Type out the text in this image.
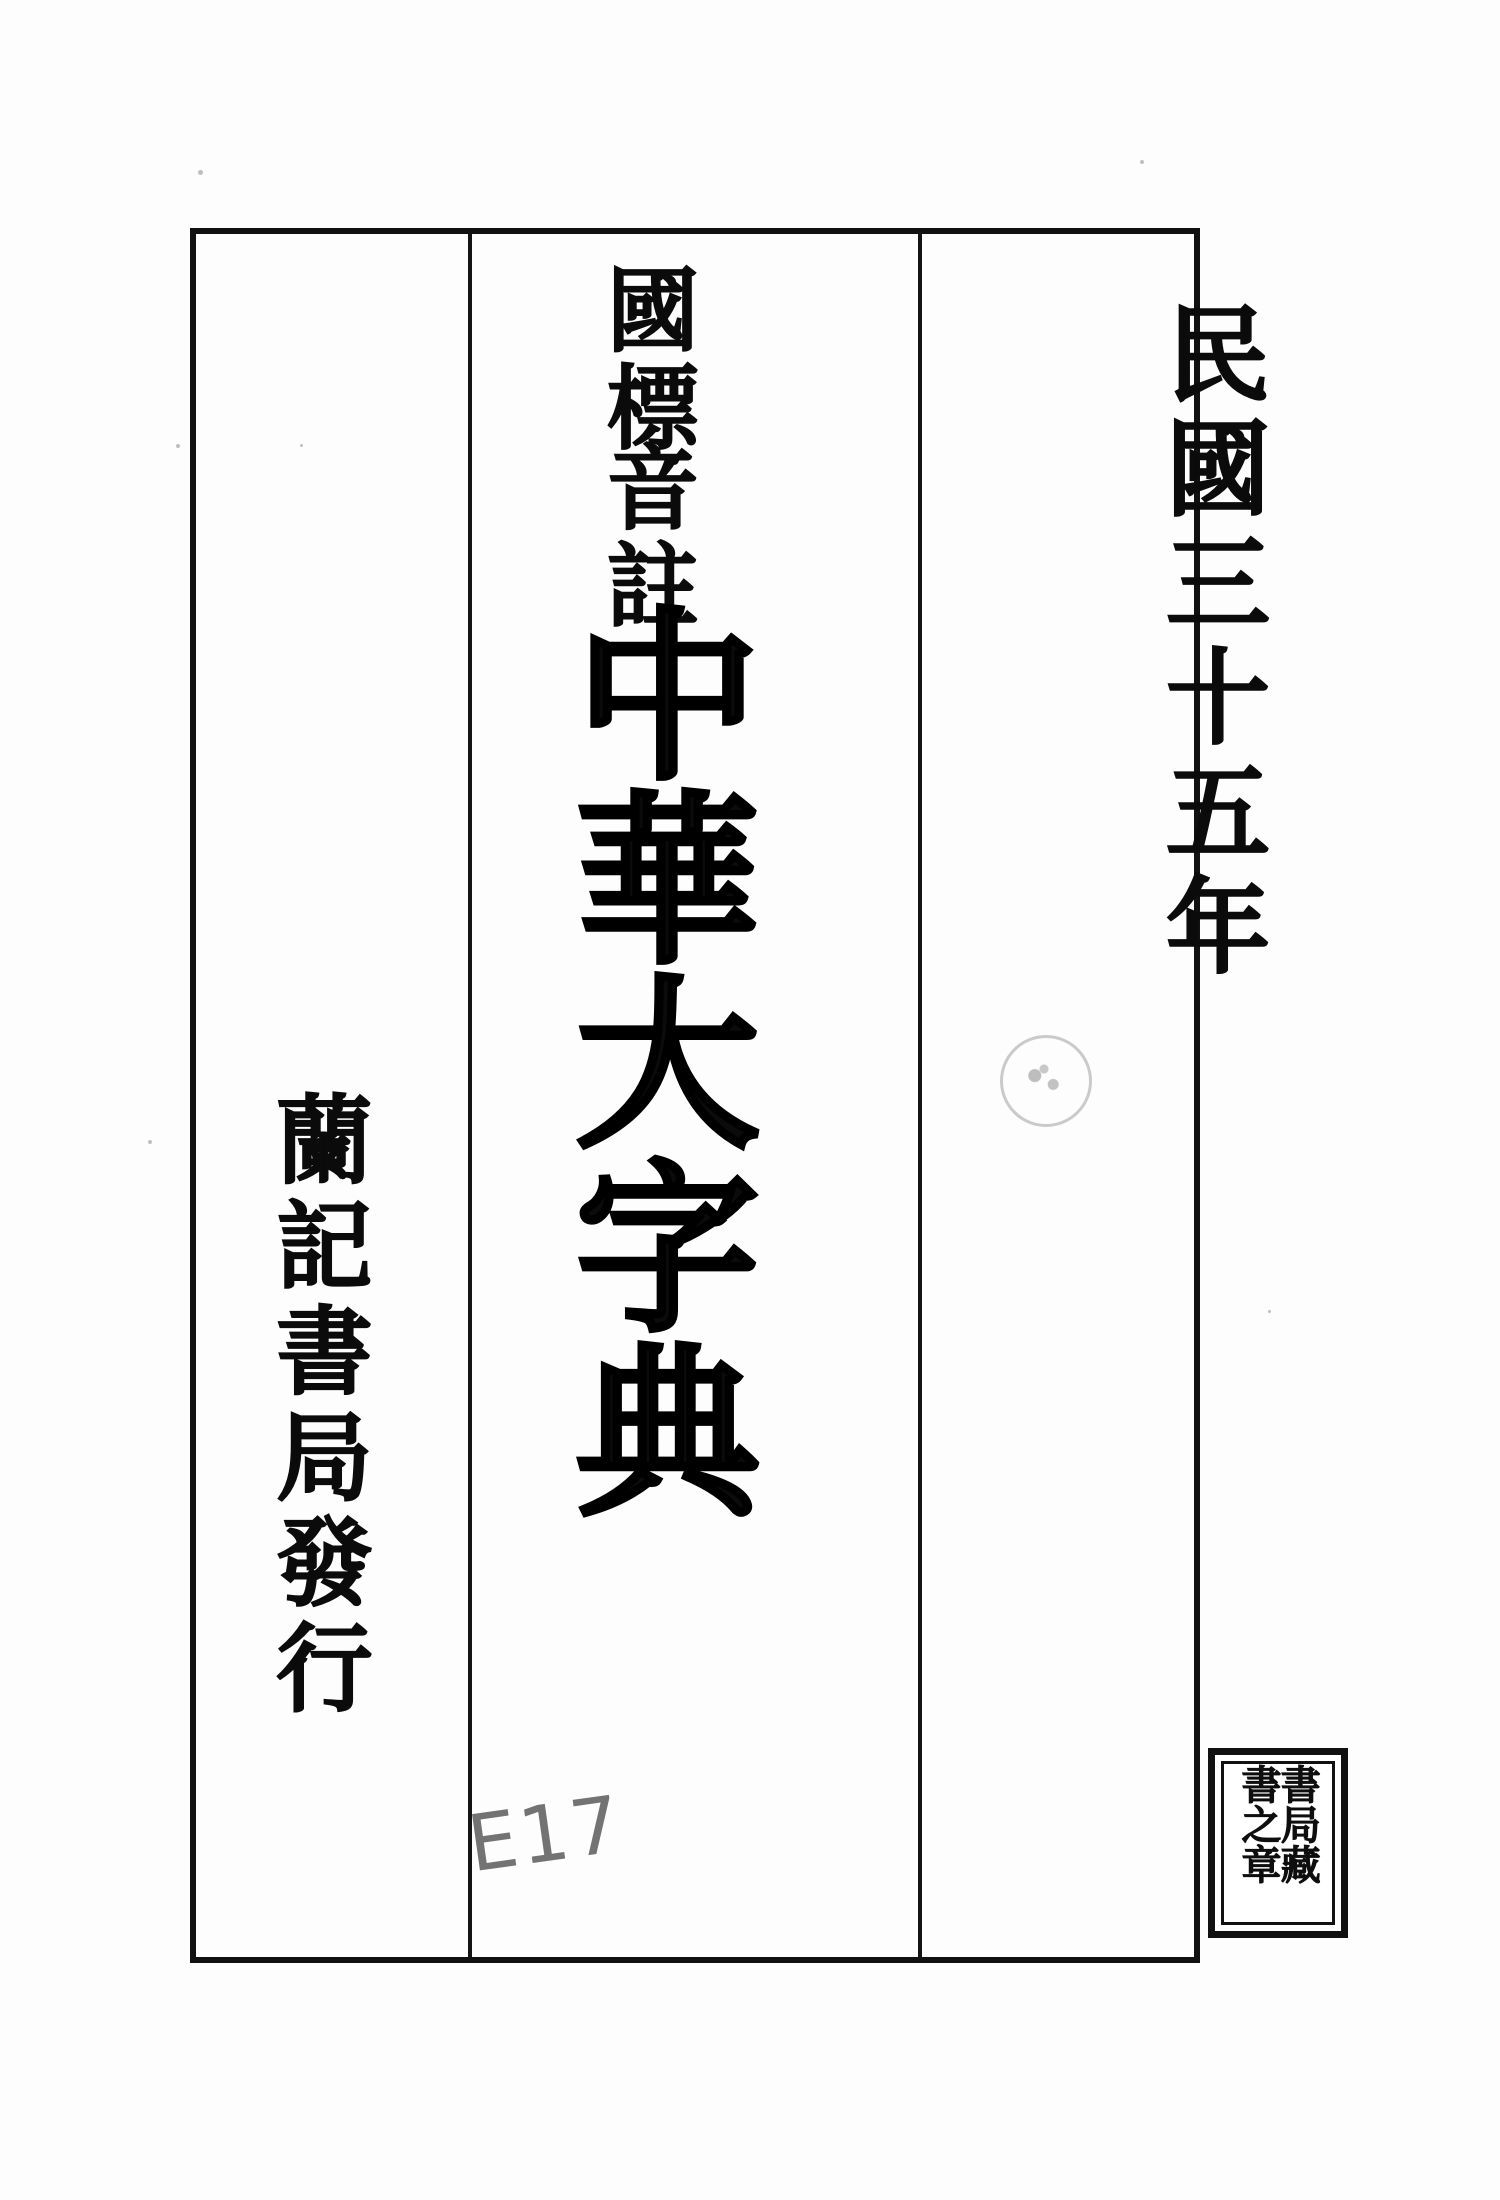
民國三十五年
國標
音註
中華大字典
蘭記書局發行
E17	書局藏書之章
